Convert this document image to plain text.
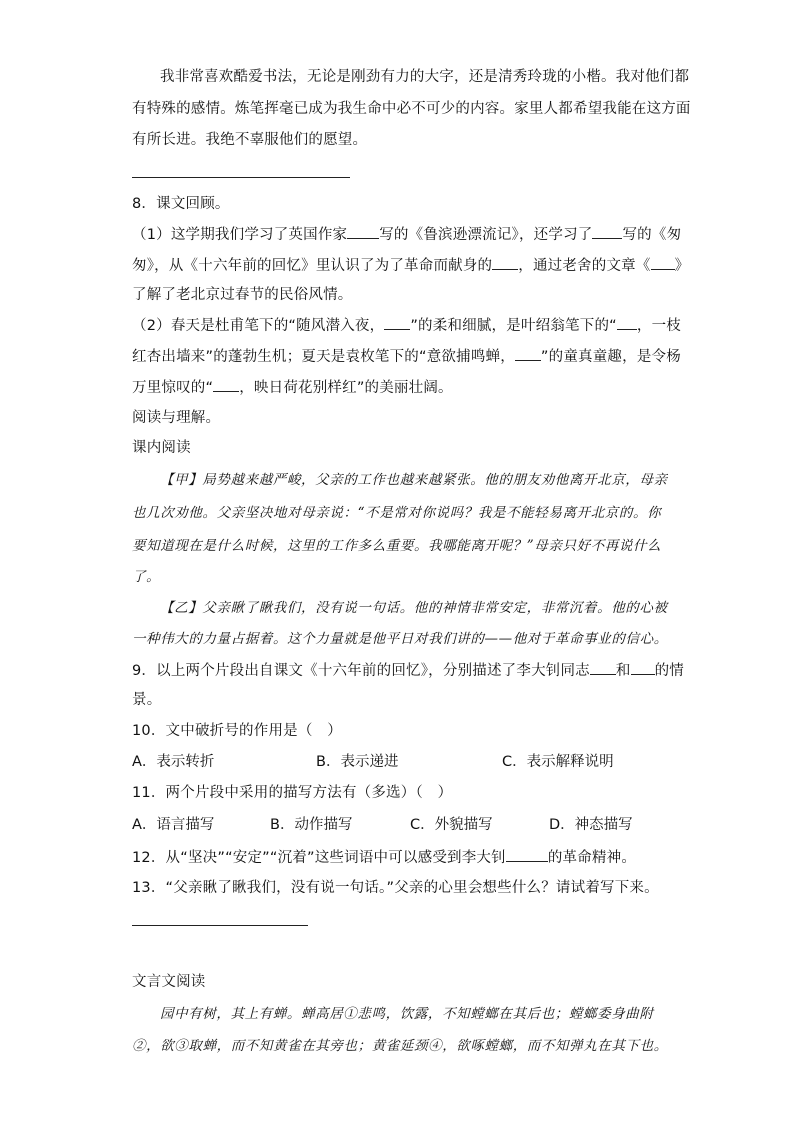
我非常喜欢酷爱书法，无论是刚劲有力的大字，还是清秀玲珑的小楷。我对他们都
有特殊的感情。炼笔挥毫已成为我生命中必不可少的内容。家里人都希望我能在这方面
有所长进。我绝不辜服他们的愿望。
8．课文回顾。
（1）这学期我们学习了英国作家 写的《鲁滨逊漂流记》，还学习了 写的《匆
匆》，从《十六年前的回忆》里认识了为了革命而献身的 ，通过老舍的文章《 》
了解了老北京过春节的民俗风情。
（2）春天是杜甫笔下的“随风潜入夜， ”的柔和细腻，是叶绍翁笔下的“ ，一枝
红杏出墙来”的蓬勃生机；夏天是袁枚笔下的“意欲捕鸣蝉， ”的童真童趣，是令杨
万里惊叹的“ ，映日荷花别样红”的美丽壮阔。
阅读与理解。
课内阅读
【甲】局势越来越严峻，父亲的工作也越来越紧张。他的朋友劝他离开北京，母亲
也几次劝他。父亲坚决地对母亲说：“不是常对你说吗？我是不能轻易离开北京的。你
要知道现在是什么时候，这里的工作多么重要。我哪能离开呢？”母亲只好不再说什么
了。
【乙】父亲瞅了瞅我们，没有说一句话。他的神情非常安定，非常沉着。他的心被
一种伟大的力量占据着。这个力量就是他平日对我们讲的——他对于革命事业的信心。
9．以上两个片段出自课文《十六年前的回忆》，分别描述了李大钊同志 和 的情
景。
10．文中破折号的作用是（　）
A．表示转折	B．表示递进	C．表示解释说明
11．两个片段中采用的描写方法有（多选）（　）
A．语言描写	B．动作描写	C．外貌描写	D．神态描写
12．从“坚决”“安定”“沉着”这些词语中可以感受到李大钊	的革命精神。
13．“父亲瞅了瞅我们，没有说一句话。”父亲的心里会想些什么？请试着写下来。
文言文阅读
园中有树，其上有蝉。蝉高居①悲鸣，饮露，不知螳螂在其后也；螳螂委身曲附
②，欲③取蝉，而不知黄雀在其旁也；黄雀延颈④，欲啄螳螂，而不知弹丸在其下也。
